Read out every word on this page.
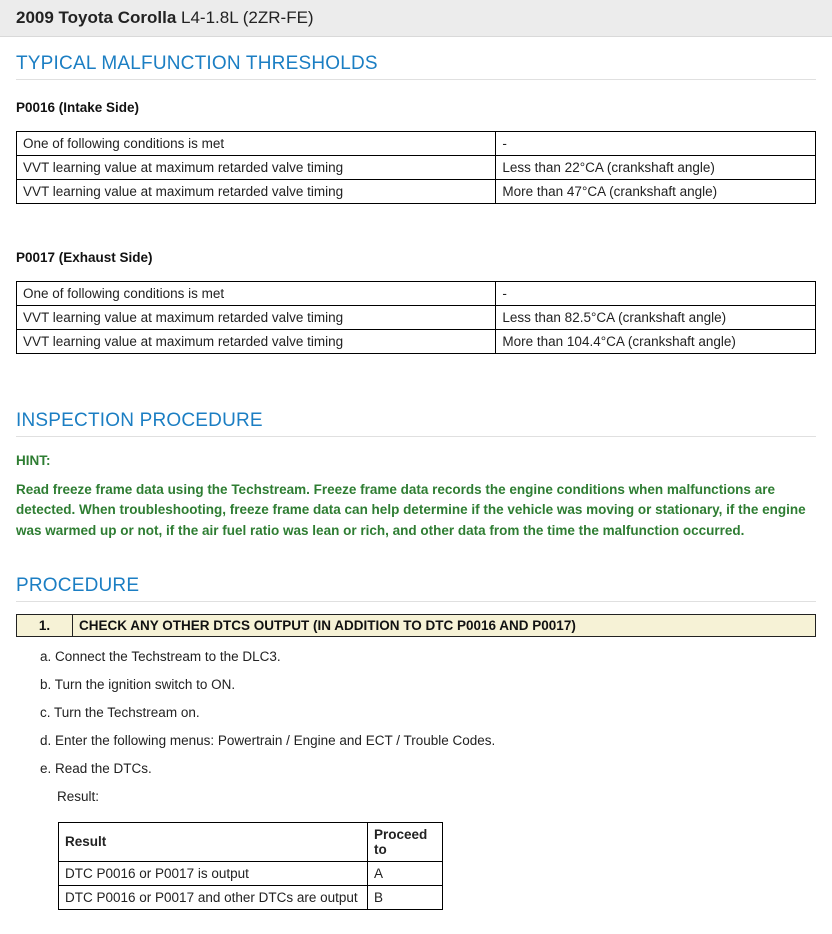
2009 Toyota Corolla L4-1.8L (2ZR-FE)
TYPICAL MALFUNCTION THRESHOLDS
P0016 (Intake Side)
One of following conditions is met	-
VVT learning value at maximum retarded valve timing	Less than 22°CA (crankshaft angle)
VVT learning value at maximum retarded valve timing	More than 47°CA (crankshaft angle)
P0017 (Exhaust Side)
One of following conditions is met	-
VVT learning value at maximum retarded valve timing	Less than 82.5°CA (crankshaft angle)
VVT learning value at maximum retarded valve timing	More than 104.4°CA (crankshaft angle)
INSPECTION PROCEDURE
HINT:

Read freeze frame data using the Techstream. Freeze frame data records the engine conditions when malfunctions are detected. When troubleshooting, freeze frame data can help determine if the vehicle was moving or stationary, if the engine was warmed up or not, if the air fuel ratio was lean or rich, and other data from the time the malfunction occurred.

PROCEDURE
1.	CHECK ANY OTHER DTCS OUTPUT (IN ADDITION TO DTC P0016 AND P0017)
a. Connect the Techstream to the DLC3.
b. Turn the ignition switch to ON.
c. Turn the Techstream on.
d. Enter the following menus: Powertrain / Engine and ECT / Trouble Codes.
e. Read the DTCs.
Result:
Result	Proceed to
DTC P0016 or P0017 is output	A
DTC P0016 or P0017 and other DTCs are output	B
